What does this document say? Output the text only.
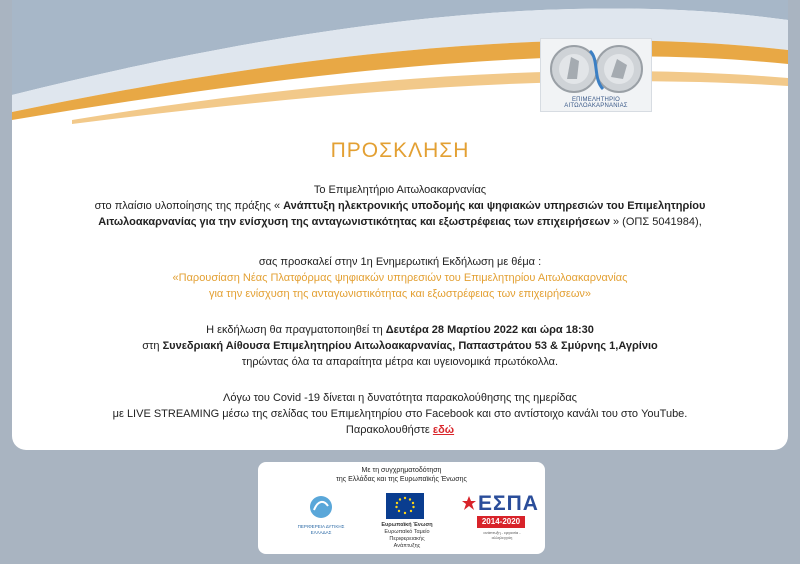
ΕΠΙΜΕΛΗΤΗΡΙΟ ΑΙΤΩΛΟΑΚΑΡΝΑΝΙΑΣ
ΠΡΟΣΚΛΗΣΗ
Το Επιμελητήριο Αιτωλοακαρνανίας
στο πλαίσιο υλοποίησης της πράξης « Ανάπτυξη ηλεκτρονικής υποδομής και ψηφιακών υπηρεσιών του Επιμελητηρίου
Αιτωλοακαρνανίας για την ενίσχυση της ανταγωνιστικότητας και εξωστρέφειας των επιχειρήσεων » (ΟΠΣ 5041984),
σας προσκαλεί στην 1η Ενημερωτική Εκδήλωση με θέμα :
«Παρουσίαση Νέας Πλατφόρμας ψηφιακών υπηρεσιών του Επιμελητηρίου Αιτωλοακαρνανίας
για την ενίσχυση της ανταγωνιστικότητας και εξωστρέφειας των επιχειρήσεων»
Η εκδήλωση θα πραγματοποιηθεί τη Δευτέρα 28 Μαρτίου 2022 και ώρα 18:30
στη Συνεδριακή Αίθουσα Επιμελητηρίου Αιτωλοακαρνανίας, Παπαστράτου 53 & Σμύρνης 1,Αγρίνιο
τηρώντας όλα τα απαραίτητα μέτρα και υγειονομικά πρωτόκολλα.
Λόγω του Covid -19 δίνεται η δυνατότητα παρακολούθησης της ημερίδας
με LIVE STREAMING μέσω της σελίδας του Επιμελητηρίου στο Facebook και στο αντίστοιχο κανάλι του στο YouTube.
Παρακολουθήστε εδώ
Με τη συγχρηματοδότηση
της Ελλάδας και της Ευρωπαϊκής Ένωσης
ΠΕΡΙΦΕΡΕΙΑ ΔΥΤΙΚΗΣ ΕΛΛΑΔΑΣ
Ευρωπαϊκή Ένωση
Ευρωπαϊκό Ταμείο Περιφερειακής Ανάπτυξης
ΕΣΠΑ
2014-2020
ανάπτυξη - εργασία - αλληλεγγύη
